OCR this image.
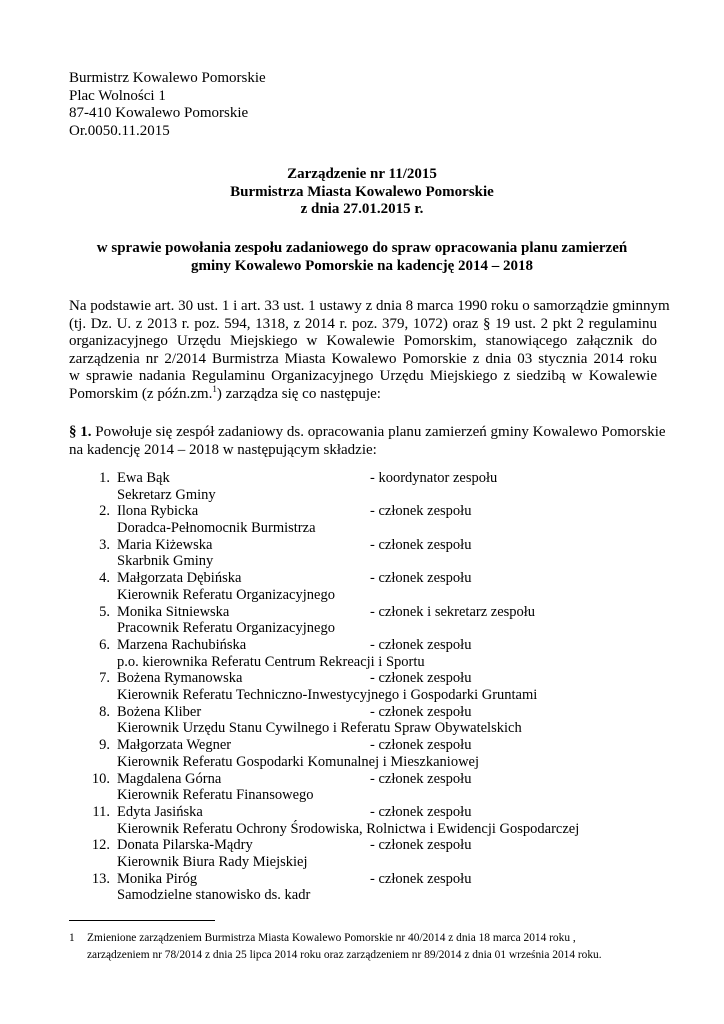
Burmistrz Kowalewo Pomorskie
Plac Wolności 1
87-410 Kowalewo Pomorskie
Or.0050.11.2015
Zarządzenie nr 11/2015
Burmistrza Miasta Kowalewo Pomorskie
z dnia 27.01.2015 r.
w sprawie powołania zespołu zadaniowego do spraw opracowania planu zamierzeń
gminy Kowalewo Pomorskie na kadencję 2014 – 2018
Na podstawie art. 30 ust. 1 i art. 33 ust. 1 ustawy z dnia 8 marca 1990 roku o samorządzie gminnym
(tj. Dz. U. z 2013 r. poz. 594, 1318, z 2014 r. poz. 379, 1072) oraz § 19 ust. 2 pkt 2 regulaminu
organizacyjnego Urzędu Miejskiego w Kowalewie Pomorskim, stanowiącego załącznik do
zarządzenia nr 2/2014 Burmistrza Miasta Kowalewo Pomorskie z dnia 03 stycznia 2014 roku
w sprawie nadania Regulaminu Organizacyjnego Urzędu Miejskiego z siedzibą w Kowalewie
Pomorskim (z późn.zm.$^1$) zarządza się co następuje:
§ 1. Powołuje się zespół zadaniowy ds. opracowania planu zamierzeń gminy Kowalewo Pomorskie
na kadencję 2014 – 2018 w następującym składzie:
1. Ewa Bąk
Sekretarz Gminy
- koordynator zespołu
2. Ilona Rybicka
Doradca-Pełnomocnik Burmistrza
- członek zespołu
3. Maria Kiżewska
Skarbnik Gminy
- członek zespołu
4. Małgorzata Dębińska
Kierownik Referatu Organizacyjnego
- członek zespołu
5. Monika Sitniewska
Pracownik Referatu Organizacyjnego
- członek i sekretarz zespołu
6. Marzena Rachubińska
p.o. kierownika Referatu Centrum Rekreacji i Sportu
- członek zespołu
7. Bożena Rymanowska
Kierownik Referatu Techniczno-Inwestycyjnego i Gospodarki Gruntami
- członek zespołu
8. Bożena Kliber
Kierownik Urzędu Stanu Cywilnego i Referatu Spraw Obywatelskich
- członek zespołu
9. Małgorzata Wegner
Kierownik Referatu Gospodarki Komunalnej i Mieszkaniowej
- członek zespołu
10. Magdalena Górna
Kierownik Referatu Finansowego
- członek zespołu
11. Edyta Jasińska
Kierownik Referatu Ochrony Środowiska, Rolnictwa i Ewidencji Gospodarczej
- członek zespołu
12. Donata Pilarska-Mądry
Kierownik Biura Rady Miejskiej
- członek zespołu
13. Monika Piróg
Samodzielne stanowisko ds. kadr
- członek zespołu
1 Zmienione zarządzeniem Burmistrza Miasta Kowalewo Pomorskie nr 40/2014 z dnia 18 marca 2014 roku ,
zarządzeniem nr 78/2014 z dnia 25 lipca 2014 roku oraz zarządzeniem nr 89/2014 z dnia 01 września 2014 roku.
